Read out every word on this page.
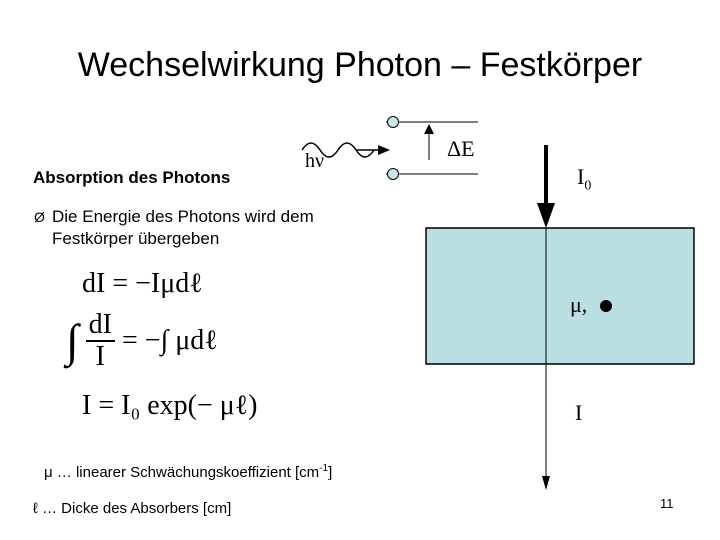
Wechselwirkung Photon – Festkörper
Absorption des Photons
hν	ΔE
$I_0$
Ø Die Energie des Photons wird dem
Festkörper übergeben
μ,
I
dI = −Iμdℓ
∫ $\frac{dI}{I}$ = −∫ μdℓ
I = I₀ exp(− μℓ)
μ … linearer Schwächungskoeffizient $[cm^{-1}]$
ℓ … Dicke des Absorbers [cm]	11
